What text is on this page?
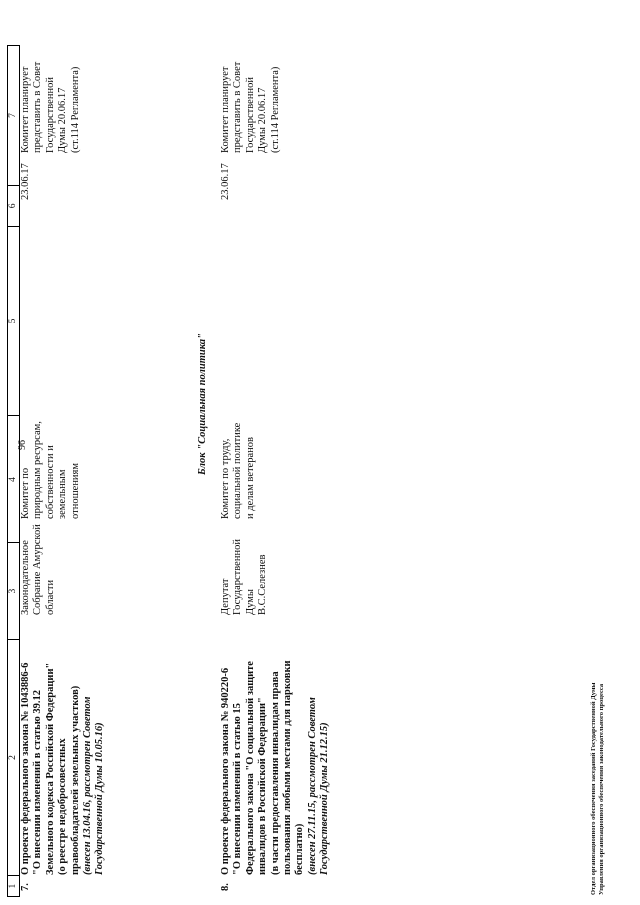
96
1
2
3
4
5
6
7
7.
О проекте федерального закона № 1043886-6 "О внесении изменений в статью 39.12 Земельного кодекса Российской Федерации" (о реестре недобросовестных правообладателей земельных участков) (внесен 13.04.16, рассмотрен Советом Государственной Думы 10.05.16)
Законодательное Собрание Амурской области
Комитет по природным ресурсам, собственности и земельным отношениям
23.06.17
Комитет планирует представить в Совет Государственной Думы 20.06.17 (ст.114 Регламента)
Блок "Социальная политика"
8.
О проекте федерального закона № 940220-6 "О внесении изменений в статью 15 Федерального закона "О социальной защите инвалидов в Российской Федерации" (в части предоставления инвалидам права пользования любыми местами для парковки бесплатно) (внесен 27.11.15, рассмотрен Советом Государственной Думы 21.12.15)
Депутат Государственной Думы В.С.Селезнев
Комитет по труду, социальной политике и делам ветеранов
23.06.17
Комитет планирует представить в Совет Государственной Думы 20.06.17 (ст.114 Регламента)
Отдел организационного обеспечения заседаний Государственной Думы Управления организационного обеспечения законодательного процесса
